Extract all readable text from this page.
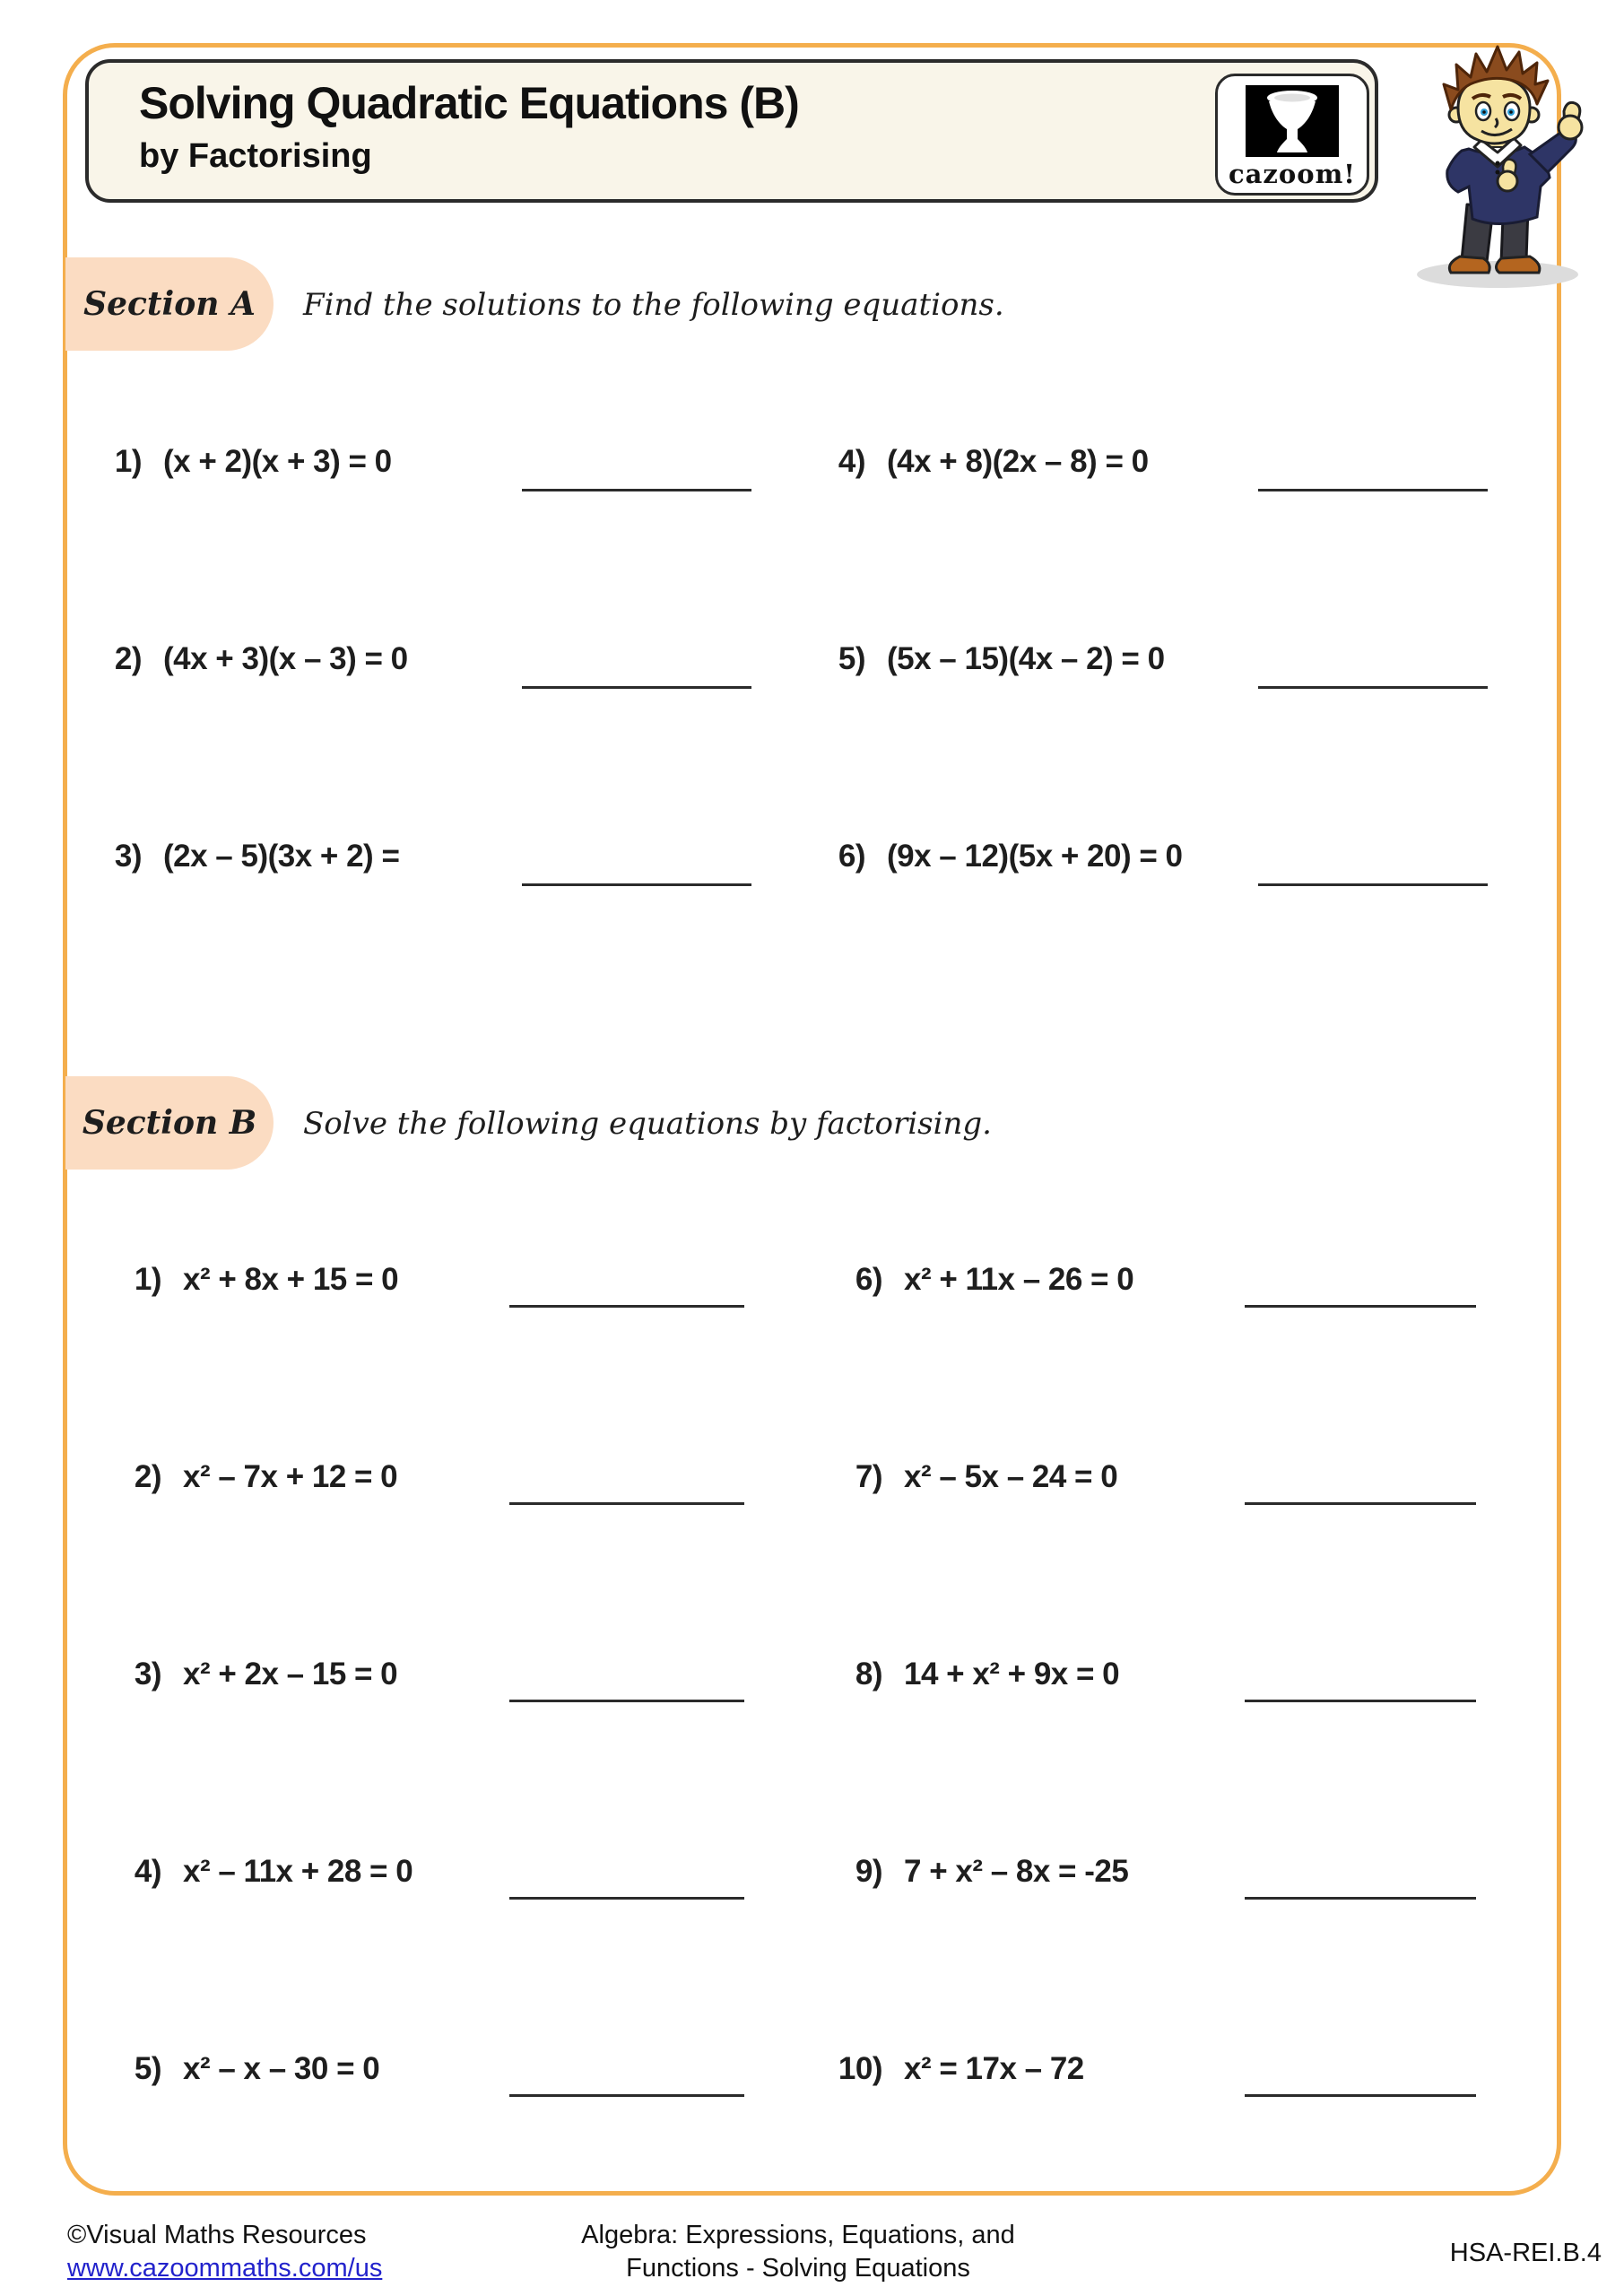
Solving Quadratic Equations (B)
by Factorising	cazoom!
Section A Find the solutions to the following equations.
1) (x + 2)(x + 3) = 0
2) (4x + 3)(x – 3) = 0
3) (2x – 5)(3x + 2) =
4) (4x + 8)(2x – 8) = 0
5) (5x – 15)(4x – 2) = 0
6) (9x – 12)(5x + 20) = 0
Section B Solve the following equations by factorising.
1) x² + 8x + 15 = 0
2) x² – 7x + 12 = 0
3) x² + 2x – 15 = 0
4) x² – 11x + 28 = 0
5) x² – x – 30 = 0
6) x² + 11x – 26 = 0
7) x² – 5x – 24 = 0
8) 14 + x² + 9x = 0
9) 7 + x² – 8x = -25
10) x² = 17x – 72
©Visual Maths Resources
www.cazoommaths.com/us
Algebra: Expressions, Equations, and
Functions - Solving Equations
HSA-REI.B.4
